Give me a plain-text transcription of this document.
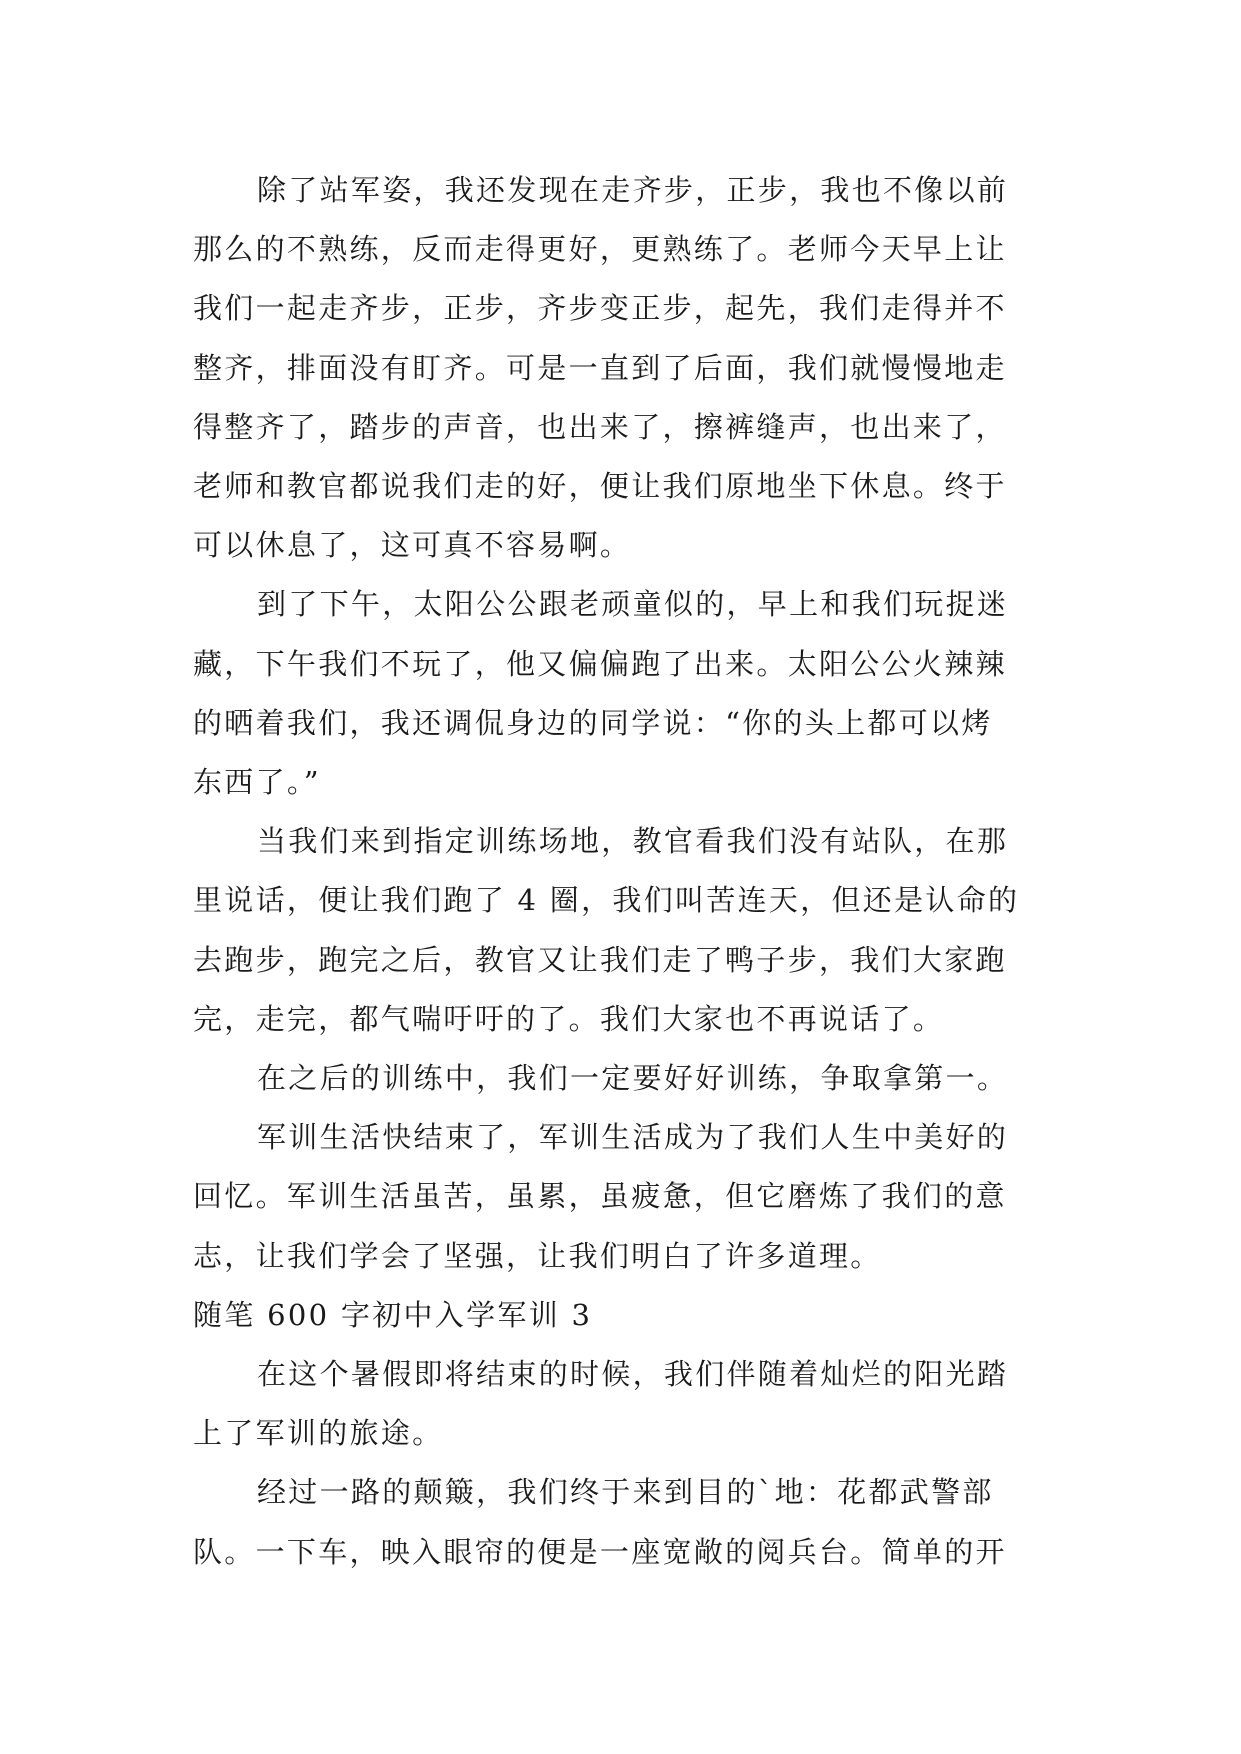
除了站军姿，我还发现在走齐步，正步，我也不像以前
那么的不熟练，反而走得更好，更熟练了。老师今天早上让
我们一起走齐步，正步，齐步变正步，起先，我们走得并不
整齐，排面没有盯齐。可是一直到了后面，我们就慢慢地走
得整齐了，踏步的声音，也出来了，擦裤缝声，也出来了，
老师和教官都说我们走的好，便让我们原地坐下休息。终于
可以休息了，这可真不容易啊。
到了下午，太阳公公跟老顽童似的，早上和我们玩捉迷
藏，下午我们不玩了，他又偏偏跑了出来。太阳公公火辣辣
的晒着我们，我还调侃身边的同学说：“你的头上都可以烤
东西了。”
当我们来到指定训练场地，教官看我们没有站队，在那
里说话，便让我们跑了 4 圈，我们叫苦连天，但还是认命的
去跑步，跑完之后，教官又让我们走了鸭子步，我们大家跑
完，走完，都气喘吁吁的了。我们大家也不再说话了。
在之后的训练中，我们一定要好好训练，争取拿第一。
军训生活快结束了，军训生活成为了我们人生中美好的
回忆。军训生活虽苦，虽累，虽疲惫，但它磨炼了我们的意
志，让我们学会了坚强，让我们明白了许多道理。
随笔 600 字初中入学军训 3
在这个暑假即将结束的时候，我们伴随着灿烂的阳光踏
上了军训的旅途。
经过一路的颠簸，我们终于来到目的`地：花都武警部
队。一下车，映入眼帘的便是一座宽敞的阅兵台。简单的开
